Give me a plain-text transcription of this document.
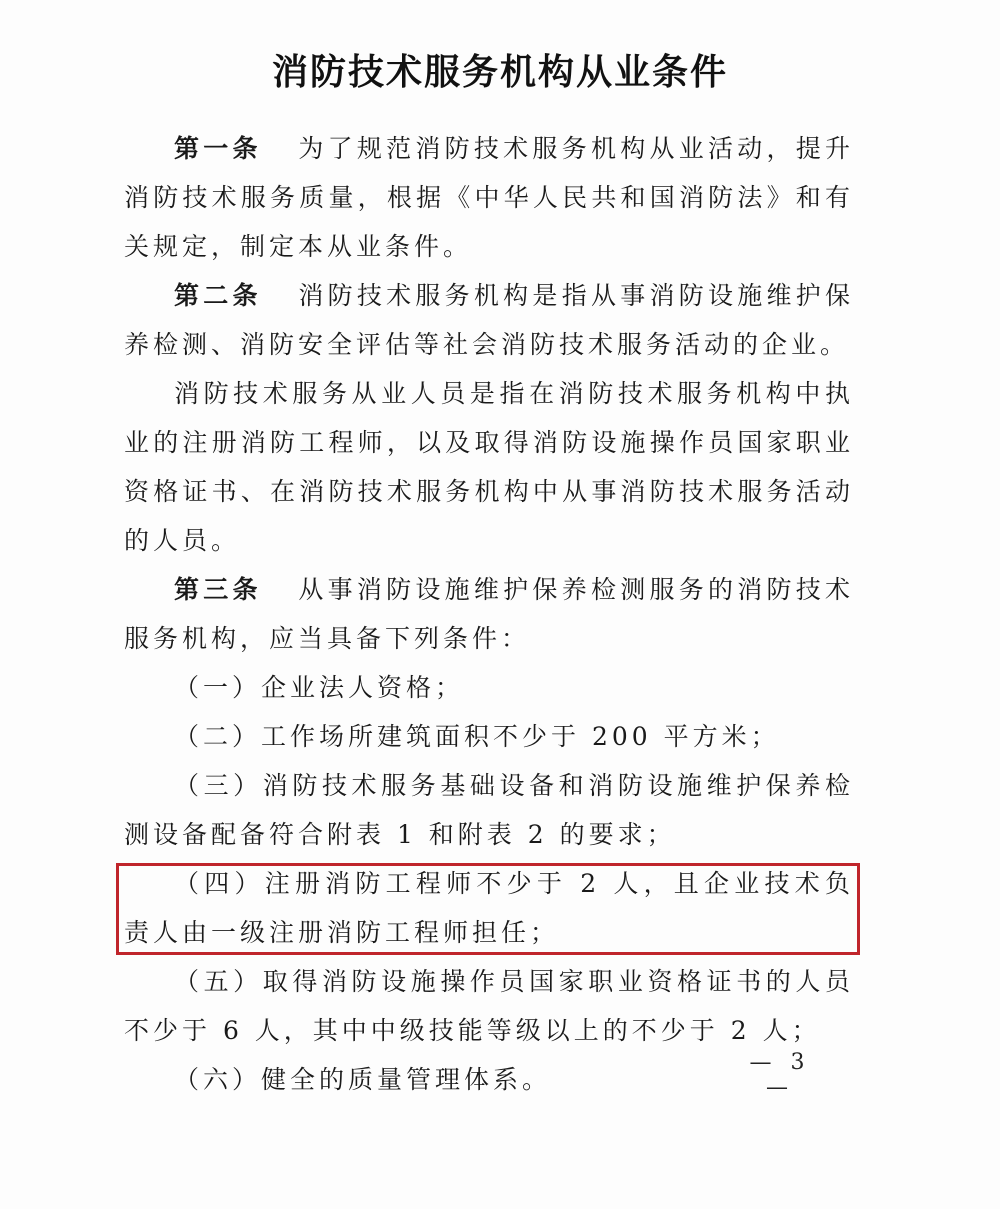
消防技术服务机构从业条件

第一条 为了规范消防技术服务机构从业活动，提升消防技术服务质量，根据《中华人民共和国消防法》和有关规定，制定本从业条件。

第二条 消防技术服务机构是指从事消防设施维护保养检测、消防安全评估等社会消防技术服务活动的企业。

消防技术服务从业人员是指在消防技术服务机构中执业的注册消防工程师，以及取得消防设施操作员国家职业资格证书、在消防技术服务机构中从事消防技术服务活动的人员。

第三条 从事消防设施维护保养检测服务的消防技术服务机构，应当具备下列条件：

（一）企业法人资格；

（二）工作场所建筑面积不少于 200 平方米；

（三）消防技术服务基础设备和消防设施维护保养检测设备配备符合附表 1 和附表 2 的要求；

（四）注册消防工程师不少于 2 人，且企业技术负责人由一级注册消防工程师担任；

（五）取得消防设施操作员国家职业资格证书的人员不少于 6 人，其中中级技能等级以上的不少于 2 人；

（六）健全的质量管理体系。

— 3 —
